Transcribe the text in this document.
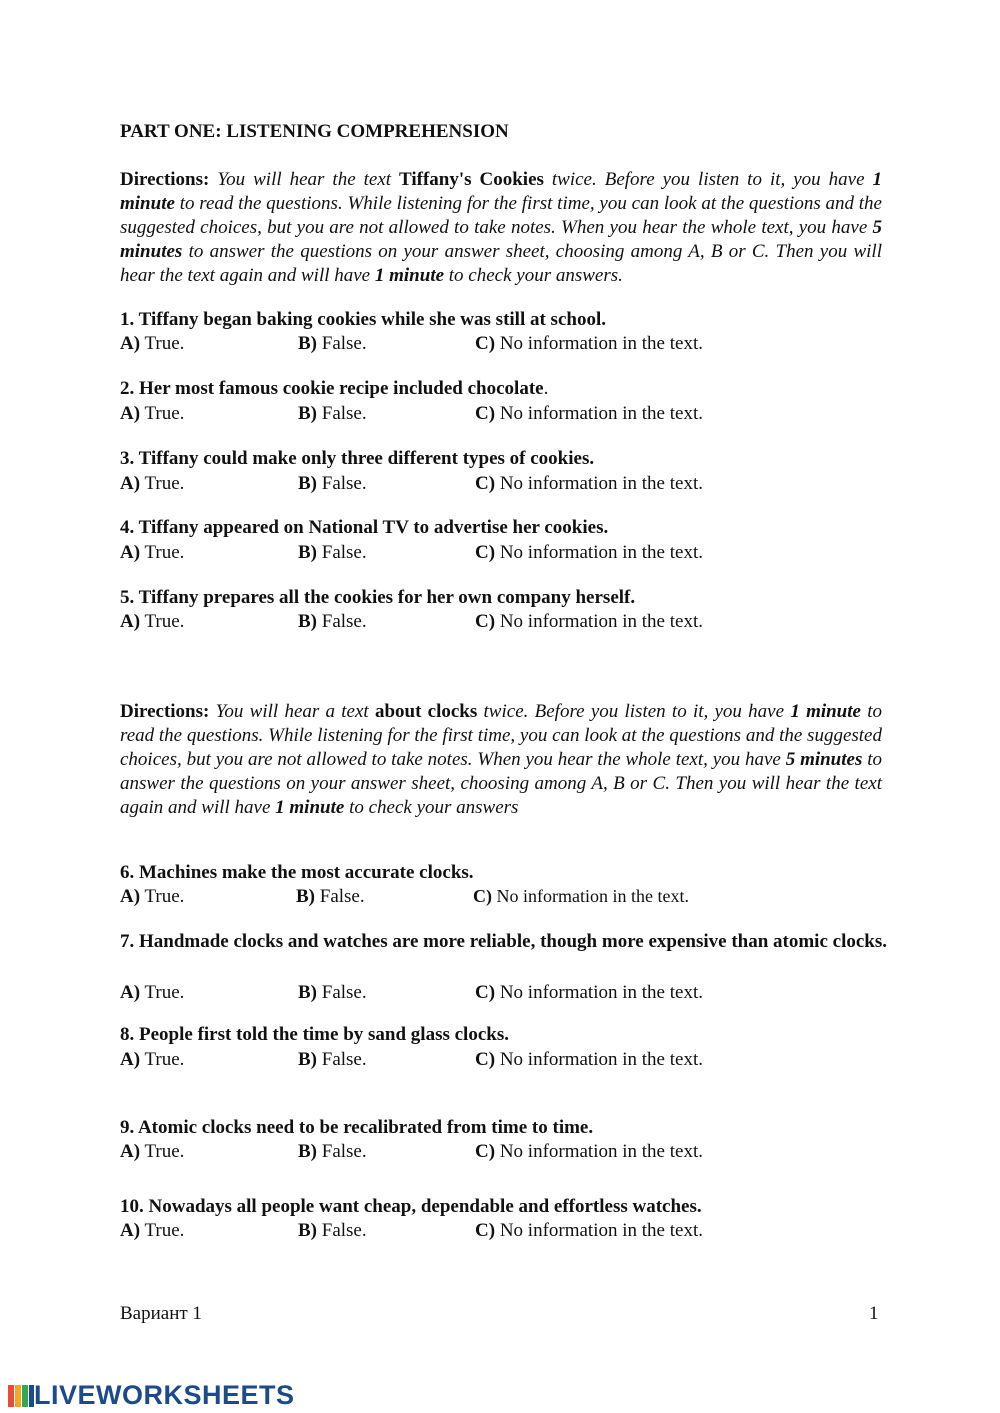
PART ONE: LISTENING COMPREHENSION
Directions: You will hear the text Tiffany's Cookies twice. Before you listen to it, you have 1 minute to read the questions. While listening for the first time, you can look at the questions and the suggested choices, but you are not allowed to take notes. When you hear the whole text, you have 5 minutes to answer the questions on your answer sheet, choosing among A, B or C. Then you will hear the text again and will have 1 minute to check your answers.
1. Tiffany began baking cookies while she was still at school.
A) True.	B) False.	C) No information in the text.
2. Her most famous cookie recipe included chocolate.
A) True.	B) False.	C) No information in the text.
3. Tiffany could make only three different types of cookies.
A) True.	B) False.	C) No information in the text.
4. Tiffany appeared on National TV to advertise her cookies.
A) True.	B) False.	C) No information in the text.
5. Tiffany prepares all the cookies for her own company herself.
A) True.	B) False.	C) No information in the text.
Directions: You will hear a text about clocks twice. Before you listen to it, you have 1 minute to read the questions. While listening for the first time, you can look at the questions and the suggested choices, but you are not allowed to take notes. When you hear the whole text, you have 5 minutes to answer the questions on your answer sheet, choosing among A, B or C. Then you will hear the text again and will have 1 minute to check your answers
6. Machines make the most accurate clocks.
A) True.	B) False.	C) No information in the text.
7. Handmade clocks and watches are more reliable, though more expensive than atomic clocks.
A) True.	B) False.	C) No information in the text.
8. People first told the time by sand glass clocks.
A) True.	B) False.	C) No information in the text.
9. Atomic clocks need to be recalibrated from time to time.
A) True.	B) False.	C) No information in the text.
10. Nowadays all people want cheap, dependable and effortless watches.
A) True.	B) False.	C) No information in the text.
Вариант 1	1
LIVEWORKSHEETS
